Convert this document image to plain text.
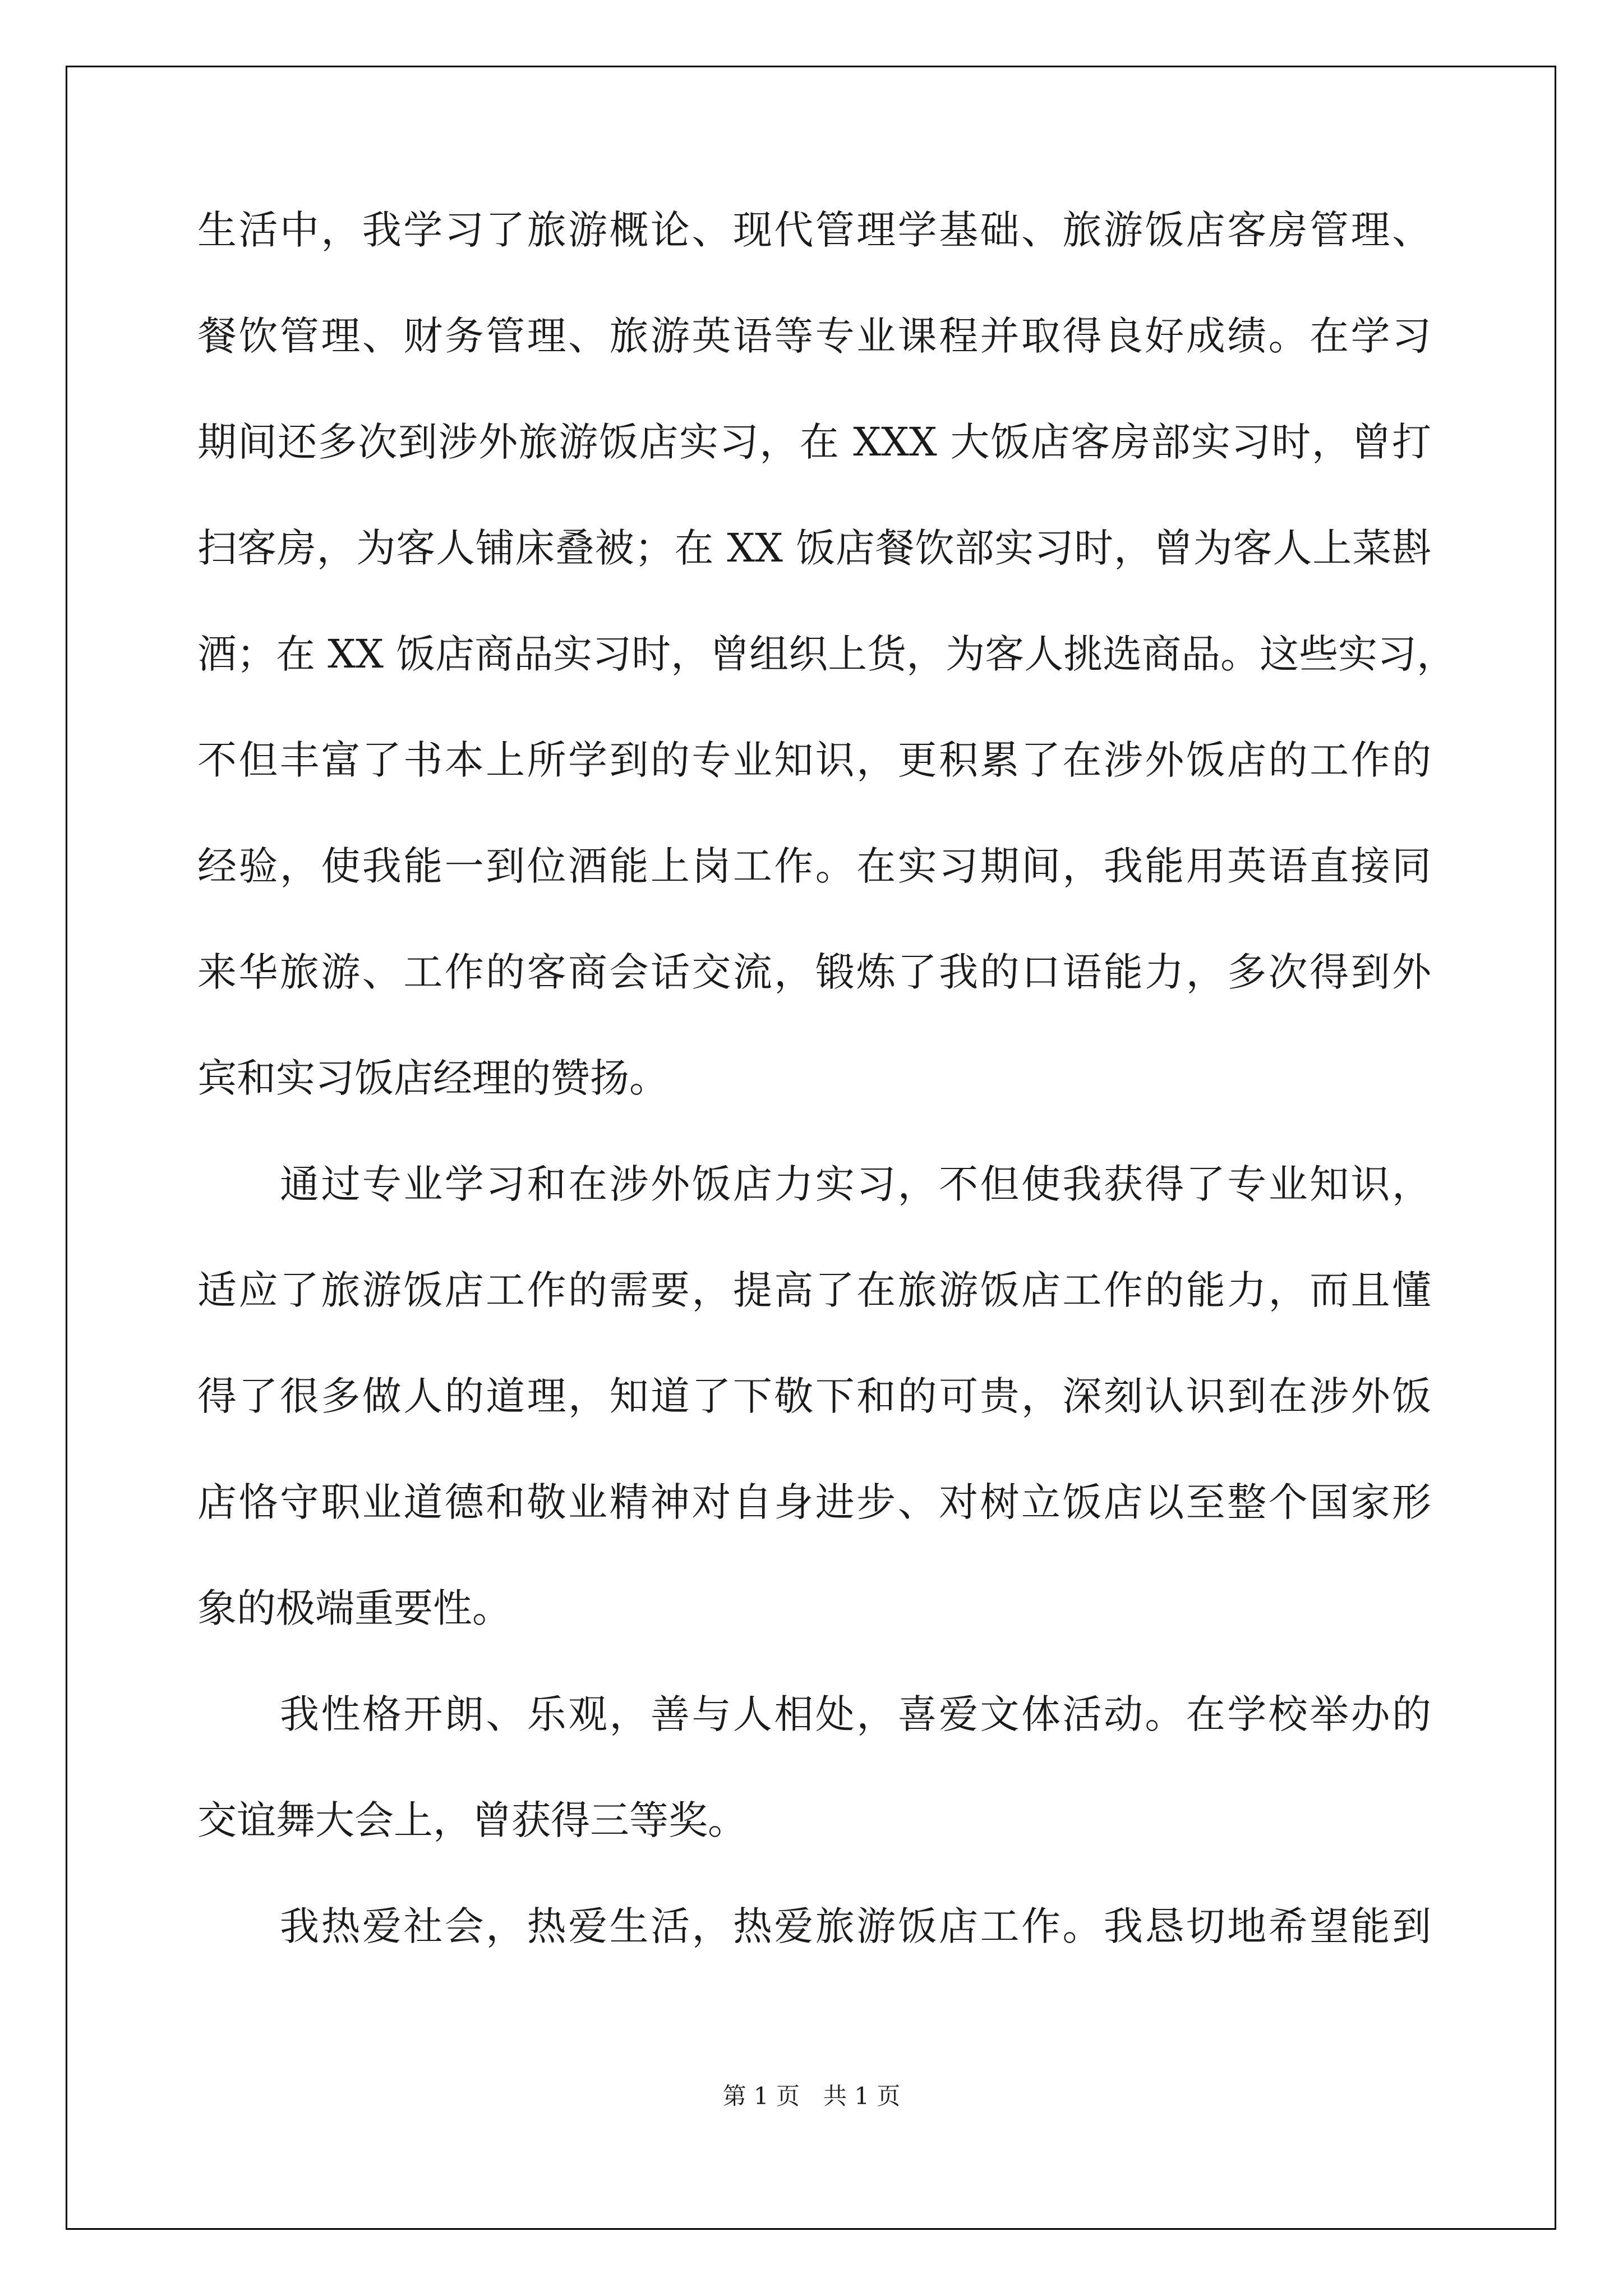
生活中，我学习了旅游概论、现代管理学基础、旅游饭店客房管理、
餐饮管理、财务管理、旅游英语等专业课程并取得良好成绩。在学习
期间还多次到涉外旅游饭店实习，在 XXX 大饭店客房部实习时，曾打
扫客房，为客人铺床叠被；在 XX 饭店餐饮部实习时，曾为客人上菜斟
酒；在 XX 饭店商品实习时，曾组织上货，为客人挑选商品。这些实习，
不但丰富了书本上所学到的专业知识，更积累了在涉外饭店的工作的
经验，使我能一到位酒能上岗工作。在实习期间，我能用英语直接同
来华旅游、工作的客商会话交流，锻炼了我的口语能力，多次得到外
宾和实习饭店经理的赞扬。
通过专业学习和在涉外饭店力实习，不但使我获得了专业知识，
适应了旅游饭店工作的需要，提高了在旅游饭店工作的能力，而且懂
得了很多做人的道理，知道了下敬下和的可贵，深刻认识到在涉外饭
店恪守职业道德和敬业精神对自身进步、对树立饭店以至整个国家形
象的极端重要性。
我性格开朗、乐观，善与人相处，喜爱文体活动。在学校举办的
交谊舞大会上，曾获得三等奖。
我热爱社会，热爱生活，热爱旅游饭店工作。我恳切地希望能到
第 1 页　共 1 页
